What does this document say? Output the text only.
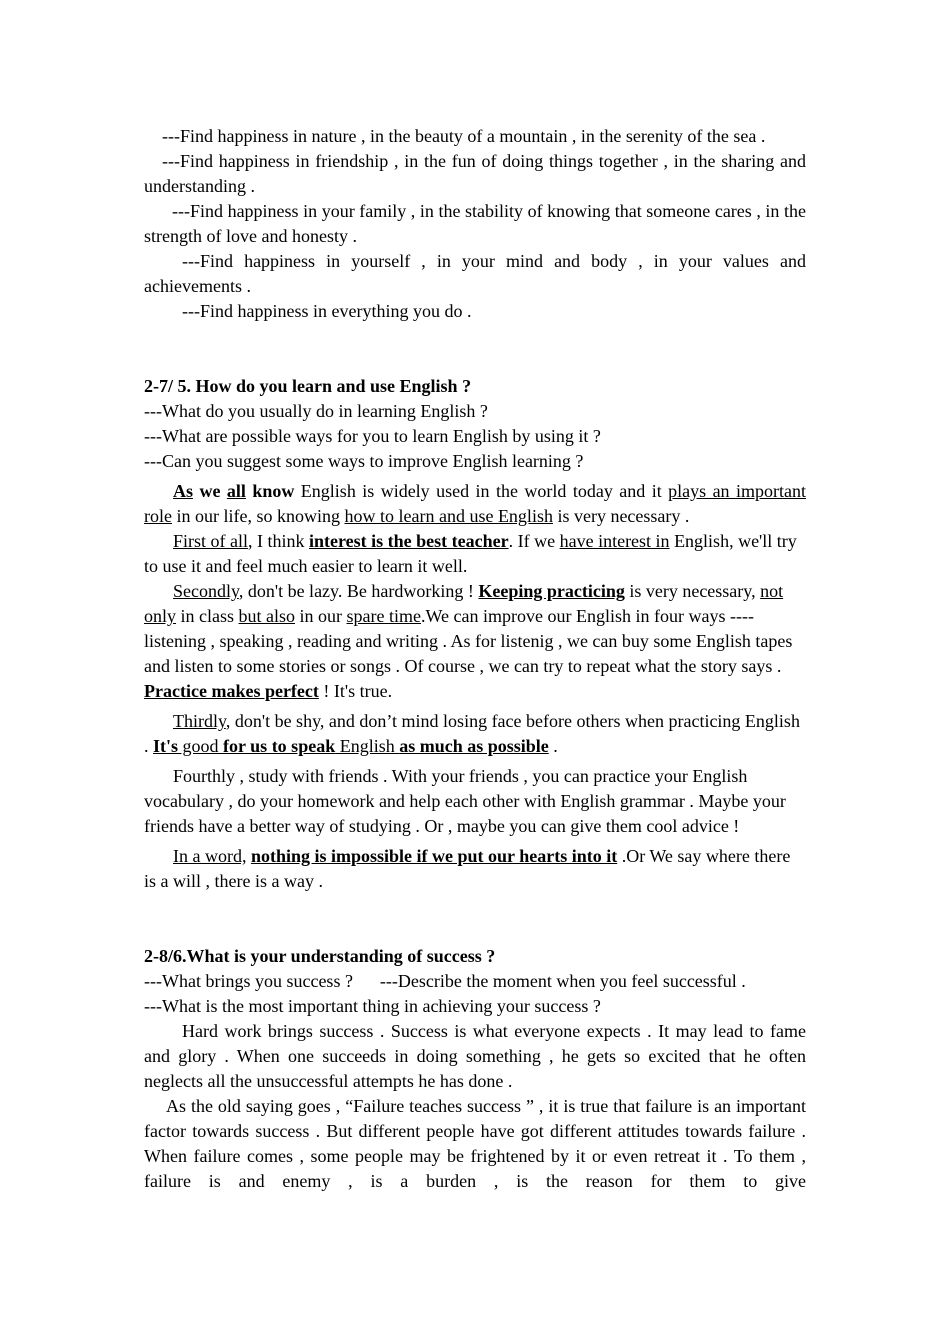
---Find happiness in nature , in the beauty of a mountain , in the serenity of the sea .

---Find happiness in friendship , in the fun of doing things together , in the sharing and understanding .

---Find happiness in your family , in the stability of knowing that someone cares , in the strength of love and honesty .

---Find happiness in yourself , in your mind and body , in your values and achievements .

---Find happiness in everything you do .

2-7/ 5. How do you learn and use English ?

---What do you usually do in learning English ?

---What are possible ways for you to learn English by using it ?

---Can you suggest some ways to improve English learning ?

As we all know English is widely used in the world today and it plays an important role in our life, so knowing how to learn and use English is very necessary .

First of all, I think interest is the best teacher. If we have interest in English, we'll try to use it and feel much easier to learn it well.

Secondly, don't be lazy. Be hardworking ! Keeping practicing is very necessary, not only in class but also in our spare time.We can improve our English in four ways ----listening , speaking , reading and writing . As for listenig , we can buy some English tapes and listen to some stories or songs . Of course , we can try to repeat what the story says . Practice makes perfect ! It's true.

Thirdly, don't be shy, and don’t mind losing face before others when practicing English . It's good for us to speak English as much as possible .

Fourthly , study with friends . With your friends , you can practice your English vocabulary , do your homework and help each other with English grammar . Maybe your friends have a better way of studying . Or , maybe you can give them cool advice !

In a word, nothing is impossible if we put our hearts into it .Or We say where there is a will , there is a way .

2-8/6.What is your understanding of success ?

---What brings you success ?      ---Describe the moment when you feel successful .

---What is the most important thing in achieving your success ?

Hard work brings success . Success is what everyone expects . It may lead to fame and glory . When one succeeds in doing something , he gets so excited that he often neglects all the unsuccessful attempts he has done .

As the old saying goes , “Failure teaches success ” , it is true that failure is an important factor towards success . But different people have got different attitudes towards failure . When failure comes , some people may be frightened by it or even retreat it . To them , failure is and enemy , is a burden , is the reason for them to give
